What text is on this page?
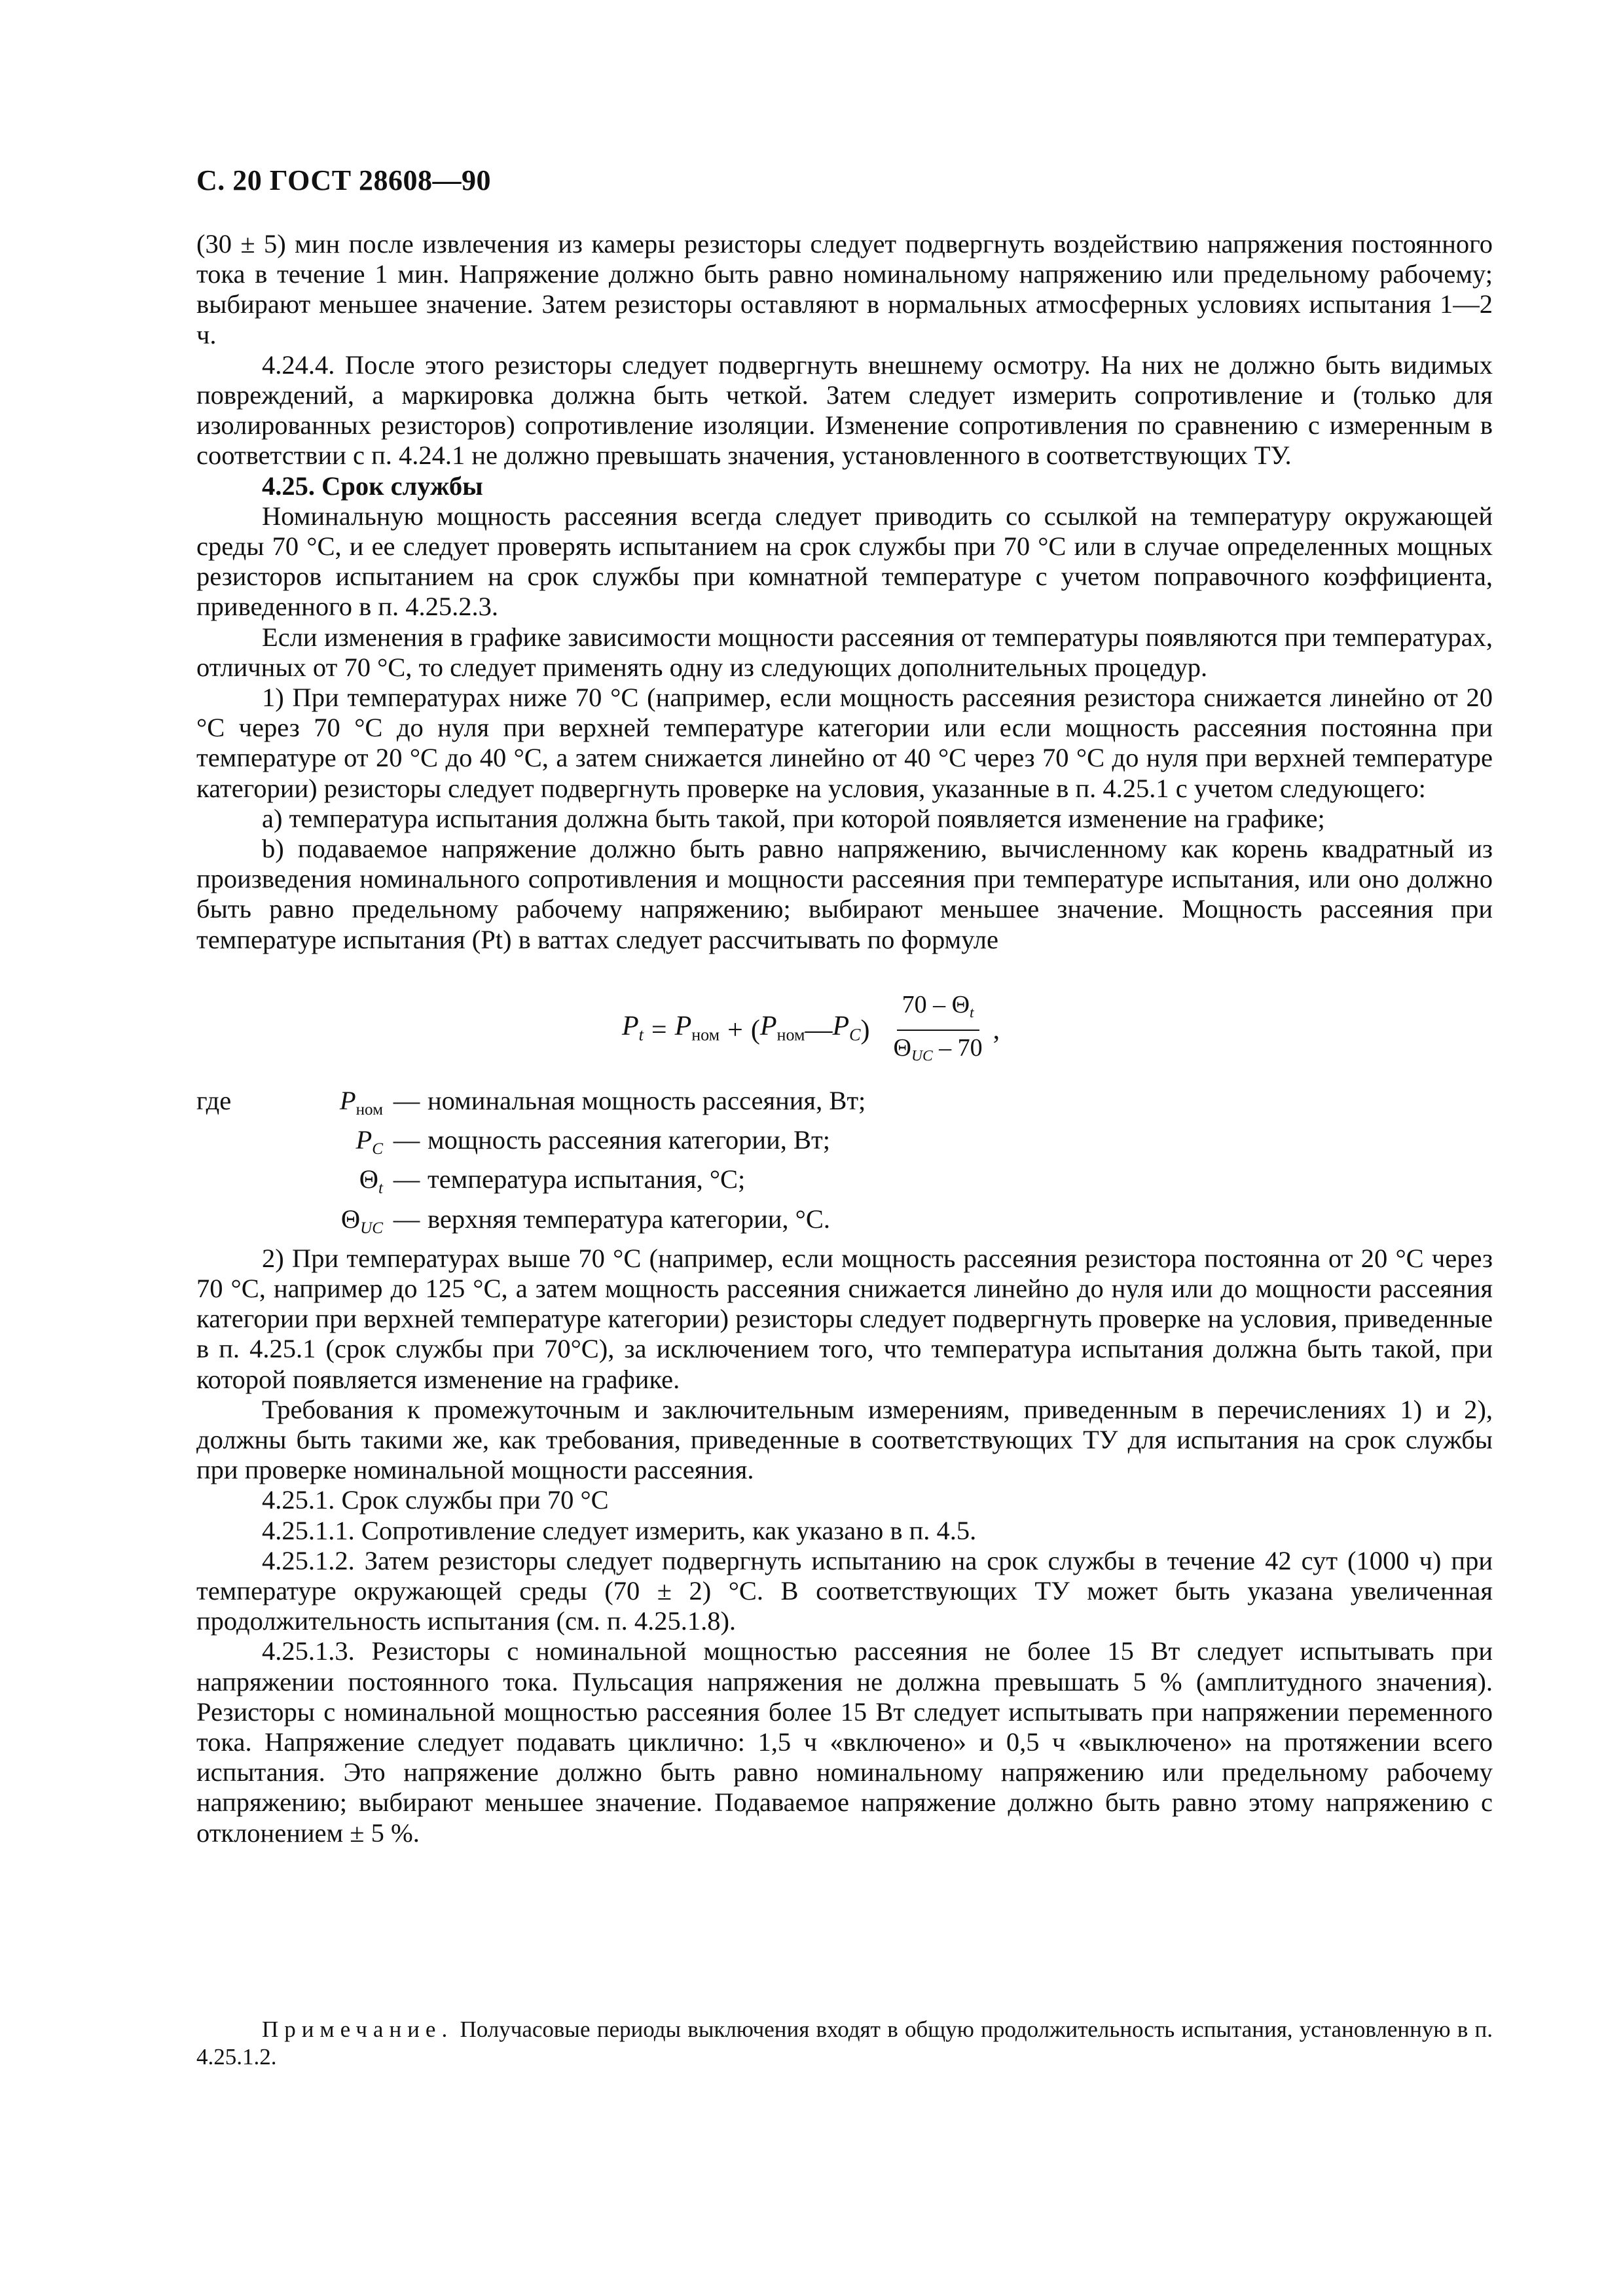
С. 20 ГОСТ 28608—90

(30 ± 5) мин после извлечения из камеры резисторы следует подвергнуть воздействию напряжения постоянного тока в течение 1 мин. Напряжение должно быть равно номинальному напряжению или предельному рабочему; выбирают меньшее значение. Затем резисторы оставляют в нормальных атмосферных условиях испытания 1—2 ч.

4.24.4. После этого резисторы следует подвергнуть внешнему осмотру. На них не должно быть видимых повреждений, а маркировка должна быть четкой. Затем следует измерить сопротивление и (только для изолированных резисторов) сопротивление изоляции. Изменение сопротивления по сравнению с измеренным в соответствии с п. 4.24.1 не должно превышать значения, установленного в соответствующих ТУ.

4.25. Срок службы

Номинальную мощность рассеяния всегда следует приводить со ссылкой на температуру окружающей среды 70 °С, и ее следует проверять испытанием на срок службы при 70 °С или в случае определенных мощных резисторов испытанием на срок службы при комнатной температуре с учетом поправочного коэффициента, приведенного в п. 4.25.2.3.

Если изменения в графике зависимости мощности рассеяния от температуры появляются при температурах, отличных от 70 °С, то следует применять одну из следующих дополнительных процедур.

1) При температурах ниже 70 °С (например, если мощность рассеяния резистора снижается линейно от 20 °С через 70 °С до нуля при верхней температуре категории или если мощность рассеяния постоянна при температуре от 20 °С до 40 °С, а затем снижается линейно от 40 °С через 70 °С до нуля при верхней температуре категории) резисторы следует подвергнуть проверке на условия, указанные в п. 4.25.1 с учетом следующего:

а) температура испытания должна быть такой, при которой появляется изменение на графике;

b) подаваемое напряжение должно быть равно напряжению, вычисленному как корень квадратный из произведения номинального сопротивления и мощности рассеяния при температуре испытания, или оно должно быть равно предельному рабочему напряжению; выбирают меньшее значение. Мощность рассеяния при температуре испытания (Pt) в ваттах следует рассчитывать по формуле

$P_t = P_{ном}$ + ( $P_{ном}$ — $P_C$ ) $\frac{70 - \Theta_t}{\Theta_{UC} - 70}$ ,
где	$P_{ном}$ — номинальная мощность рассеяния, Вт;
$P_C$ — мощность рассеяния категории, Вт;
$\Theta_t$ — температура испытания, °С;
$\Theta_{UC}$ — верхняя температура категории, °С.

2) При температурах выше 70 °С (например, если мощность рассеяния резистора постоянна от 20 °С через 70 °С, например до 125 °С, а затем мощность рассеяния снижается линейно до нуля или до мощности рассеяния категории при верхней температуре категории) резисторы следует подвергнуть проверке на условия, приведенные в п. 4.25.1 (срок службы при 70°С), за исключением того, что температура испытания должна быть такой, при которой появляется изменение на графике.

Требования к промежуточным и заключительным измерениям, приведенным в перечислениях 1) и 2), должны быть такими же, как требования, приведенные в соответствующих ТУ для испытания на срок службы при проверке номинальной мощности рассеяния.

4.25.1. Срок службы при 70 °С

4.25.1.1. Сопротивление следует измерить, как указано в п. 4.5.

4.25.1.2. Затем резисторы следует подвергнуть испытанию на срок службы в течение 42 сут (1000 ч) при температуре окружающей среды (70 ± 2) °С. В соответствующих ТУ может быть указана увеличенная продолжительность испытания (см. п. 4.25.1.8).

4.25.1.3. Резисторы с номинальной мощностью рассеяния не более 15 Вт следует испытывать при напряжении постоянного тока. Пульсация напряжения не должна превышать 5 % (амплитудного значения). Резисторы с номинальной мощностью рассеяния более 15 Вт следует испытывать при напряжении переменного тока. Напряжение следует подавать циклично: 1,5 ч «включено» и 0,5 ч «выключено» на протяжении всего испытания. Это напряжение должно быть равно номинальному напряжению или предельному рабочему напряжению; выбирают меньшее значение. Подаваемое напряжение должно быть равно этому напряжению с отклонением ± 5 %.

Примечание. Получасовые периоды выключения входят в общую продолжительность испытания, установленную в п. 4.25.1.2.
